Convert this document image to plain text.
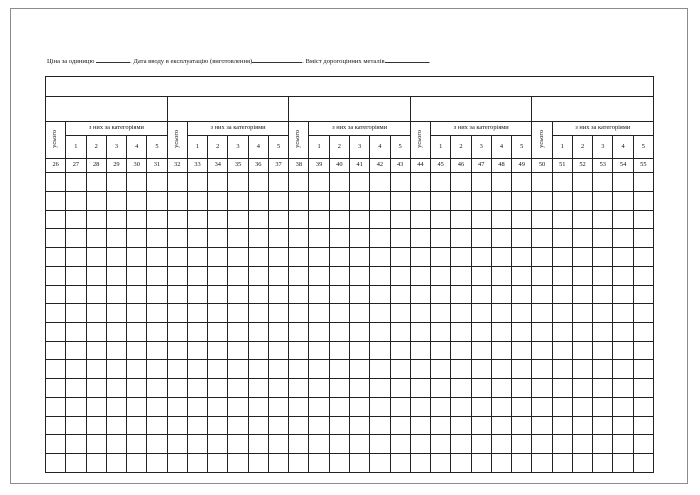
Ціна за одиницю	. Дата вводу в експлуатацію (виготовлення)	. Вміст дорогоцінних металів	.

усього	з них за категоріями					усього	з них за категоріями					усього	з них за категоріями					усього	з них за категоріями					усього	з них за категоріями				
	1	2	3	4	5		1	2	3	4	5		1	2	3	4	5		1	2	3	4	5		1	2	3	4	5
26	27	28	29	30	31	32	33	34	35	36	37	38	39	40	41	42	43	44	45	46	47	48	49	50	51	52	53	54	55
